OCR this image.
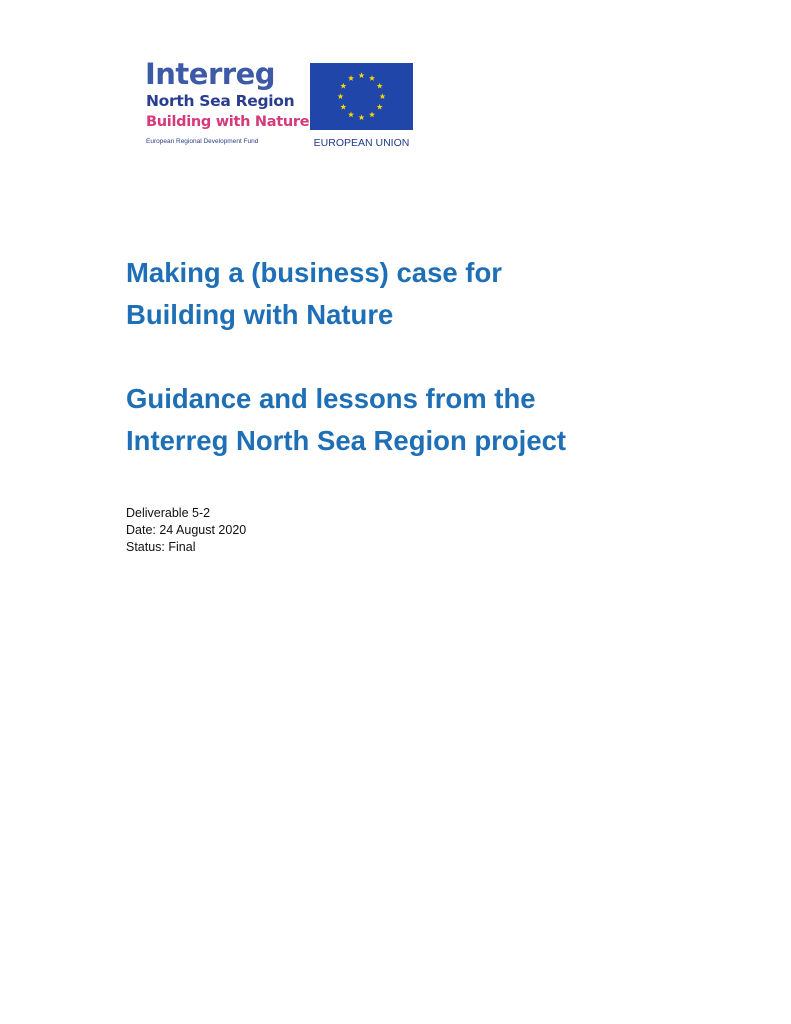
Interreg
North Sea Region
Building with Nature
European Regional Development Fund	EUROPEAN UNION
Making a (business) case for
Building with Nature
Guidance and lessons from the
Interreg North Sea Region project
Deliverable 5-2
Date: 24 August 2020
Status: Final
